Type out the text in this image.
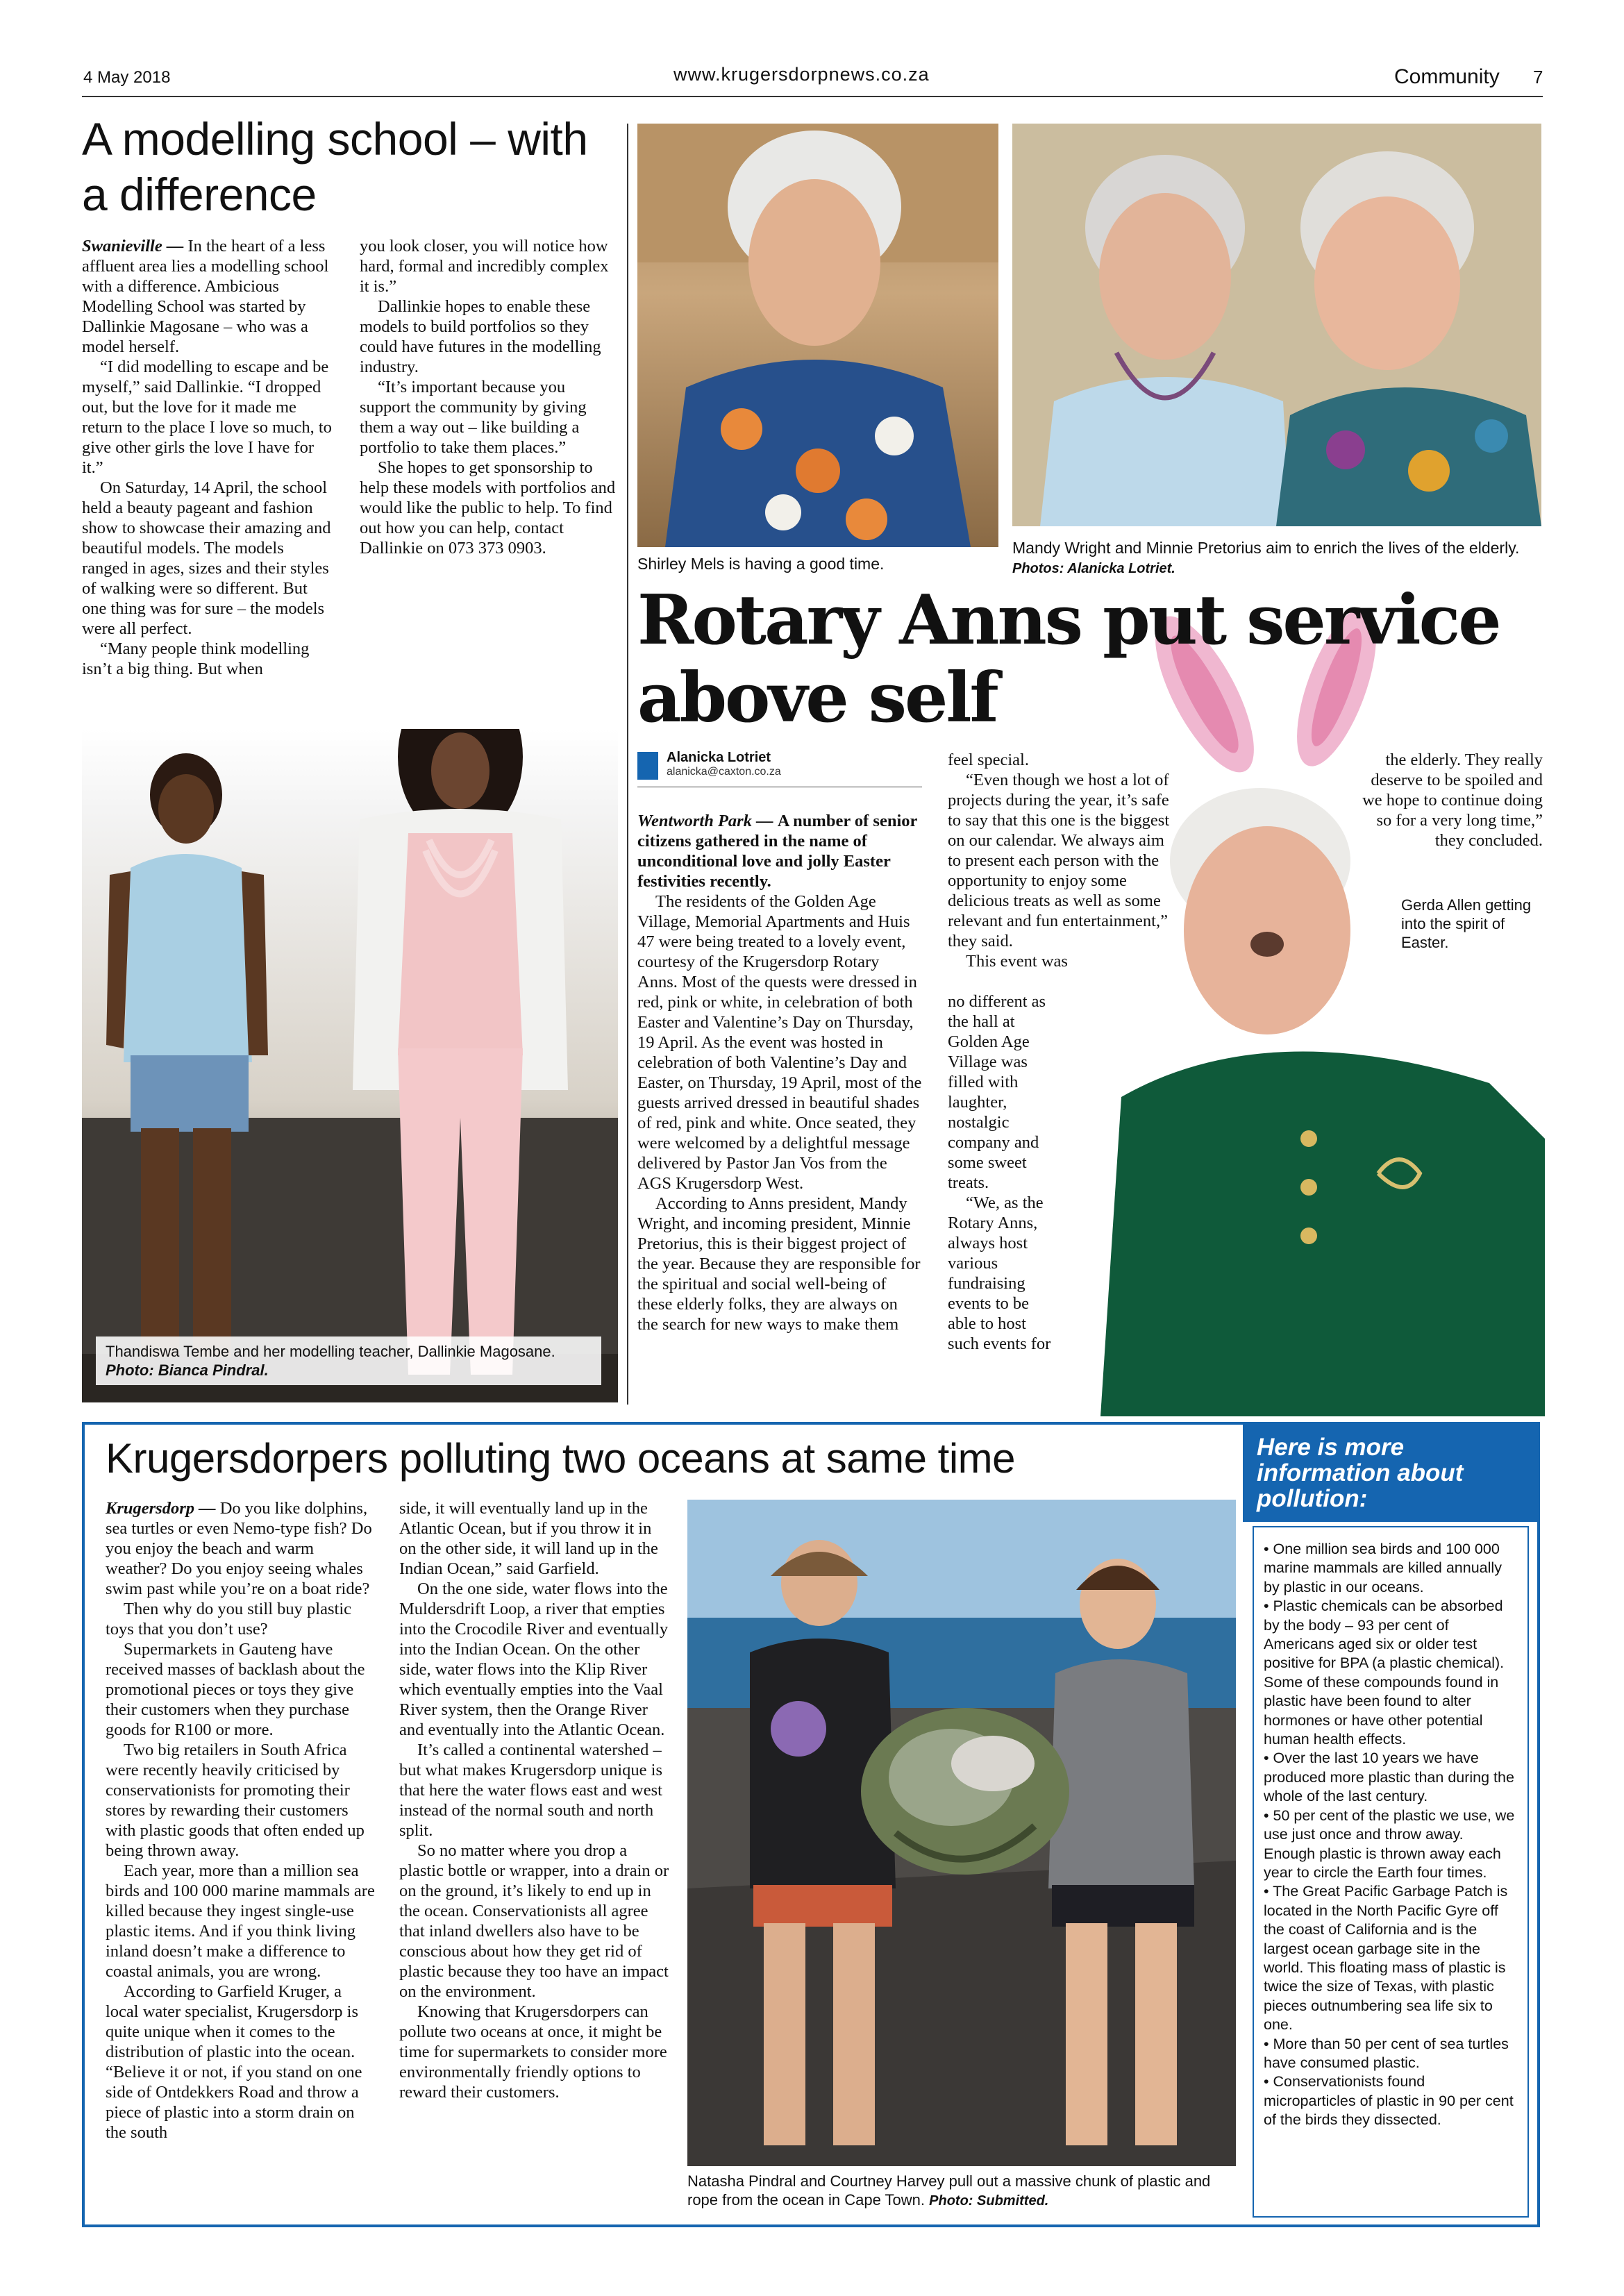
4 May 2018	www.krugersdorpnews.co.za	Community 7
A modelling school – with
a difference

Swanieville — In the heart of a less affluent area lies a modelling school with a difference. Ambicious Modelling School was started by Dallinkie Magosane – who was a model herself.

“I did modelling to escape and be myself,” said Dallinkie. “I dropped out, but the love for it made me return to the place I love so much, to give other girls the love I have for it.”

On Saturday, 14 April, the school held a beauty pageant and fashion show to showcase their amazing and beautiful models. The models ranged in ages, sizes and their styles of walking were so different. But one thing was for sure – the models were all perfect.

“Many people think modelling isn’t a big thing. But when

you look closer, you will notice how hard, formal and incredibly complex it is.”

Dallinkie hopes to enable these models to build portfolios so they could have futures in the modelling industry.

“It’s important because you support the community by giving them a way out – like building a portfolio to take them places.”

She hopes to get sponsorship to help these models with portfolios and would like the public to help. To find out how you can help, contact Dallinkie on 073 373 0903.

Thandiswa Tembe and her modelling teacher, Dallinkie Magosane. Photo: Bianca Pindral.
Shirley Mels is having a good time.
Mandy Wright and Minnie Pretorius aim to enrich the lives of the elderly. Photos: Alanicka Lotriet.
Rotary Anns put service
above self
Alanicka Lotriet
alanicka@caxton.co.za

Wentworth Park — A number of senior citizens gathered in the name of unconditional love and jolly Easter festivities recently.

The residents of the Golden Age Village, Memorial Apartments and Huis 47 were being treated to a lovely event, courtesy of the Krugersdorp Rotary Anns. Most of the quests were dressed in red, pink or white, in celebration of both Easter and Valentine’s Day on Thursday, 19 April. As the event was hosted in celebration of both Valentine’s Day and Easter, on Thursday, 19 April, most of the guests arrived dressed in beautiful shades of red, pink and white. Once seated, they were welcomed by a delightful message delivered by Pastor Jan Vos from the AGS Krugersdorp West.

According to Anns president, Mandy Wright, and incoming president, Minnie Pretorius, this is their biggest project of the year. Because they are responsible for the spiritual and social well-being of these elderly folks, they are always on the search for new ways to make them

feel special.

“Even though we host a lot of projects during the year, it’s safe to say that this one is the biggest on our calendar. We always aim to present each person with the opportunity to enjoy some delicious treats as well as some relevant and fun entertainment,” they said.

This event was

no different as the hall at Golden Age Village was filled with laughter, nostalgic company and some sweet treats.

“We, as the Rotary Anns, always host various fundraising events to be able to host such events for

the elderly. They really deserve to be spoiled and we hope to continue doing so for a very long time,” they concluded.

Gerda Allen getting into the spirit of Easter.
Krugersdorpers polluting two oceans at same time

Krugersdorp — Do you like dolphins, sea turtles or even Nemo-type fish? Do you enjoy the beach and warm weather? Do you enjoy seeing whales swim past while you’re on a boat ride?

Then why do you still buy plastic toys that you don’t use?

Supermarkets in Gauteng have received masses of backlash about the promotional pieces or toys they give their customers when they purchase goods for R100 or more.

Two big retailers in South Africa were recently heavily criticised by conservationists for promoting their stores by rewarding their customers with plastic goods that often ended up being thrown away.

Each year, more than a million sea birds and 100 000 marine mammals are killed because they ingest single-use plastic items. And if you think living inland doesn’t make a difference to coastal animals, you are wrong.

According to Garfield Kruger, a local water specialist, Krugersdorp is quite unique when it comes to the distribution of plastic into the ocean. “Believe it or not, if you stand on one side of Ontdekkers Road and throw a piece of plastic into a storm drain on the south

side, it will eventually land up in the Atlantic Ocean, but if you throw it in on the other side, it will land up in the Indian Ocean,” said Garfield.

On the one side, water flows into the Muldersdrift Loop, a river that empties into the Crocodile River and eventually into the Indian Ocean. On the other side, water flows into the Klip River which eventually empties into the Vaal River system, then the Orange River and eventually into the Atlantic Ocean.

It’s called a continental watershed – but what makes Krugersdorp unique is that here the water flows east and west instead of the normal south and north split.

So no matter where you drop a plastic bottle or wrapper, into a drain or on the ground, it’s likely to end up in the ocean. Conservationists all agree that inland dwellers also have to be conscious about how they get rid of plastic because they too have an impact on the environment.

Knowing that Krugersdorpers can pollute two oceans at once, it might be time for supermarkets to consider more environmentally friendly options to reward their customers.

Natasha Pindral and Courtney Harvey pull out a massive chunk of plastic and rope from the ocean in Cape Town. Photo: Submitted.
Here is more information about pollution:
• One million sea birds and 100 000 marine mammals are killed annually by plastic in our oceans.
• Plastic chemicals can be absorbed by the body – 93 per cent of Americans aged six or older test positive for BPA (a plastic chemical). Some of these compounds found in plastic have been found to alter hormones or have other potential human health effects.
• Over the last 10 years we have produced more plastic than during the whole of the last century.
• 50 per cent of the plastic we use, we use just once and throw away. Enough plastic is thrown away each year to circle the Earth four times.
• The Great Pacific Garbage Patch is located in the North Pacific Gyre off the coast of California and is the largest ocean garbage site in the world. This floating mass of plastic is twice the size of Texas, with plastic pieces outnumbering sea life six to one.
• More than 50 per cent of sea turtles have consumed plastic.
• Conservationists found microparticles of plastic in 90 per cent of the birds they dissected.
